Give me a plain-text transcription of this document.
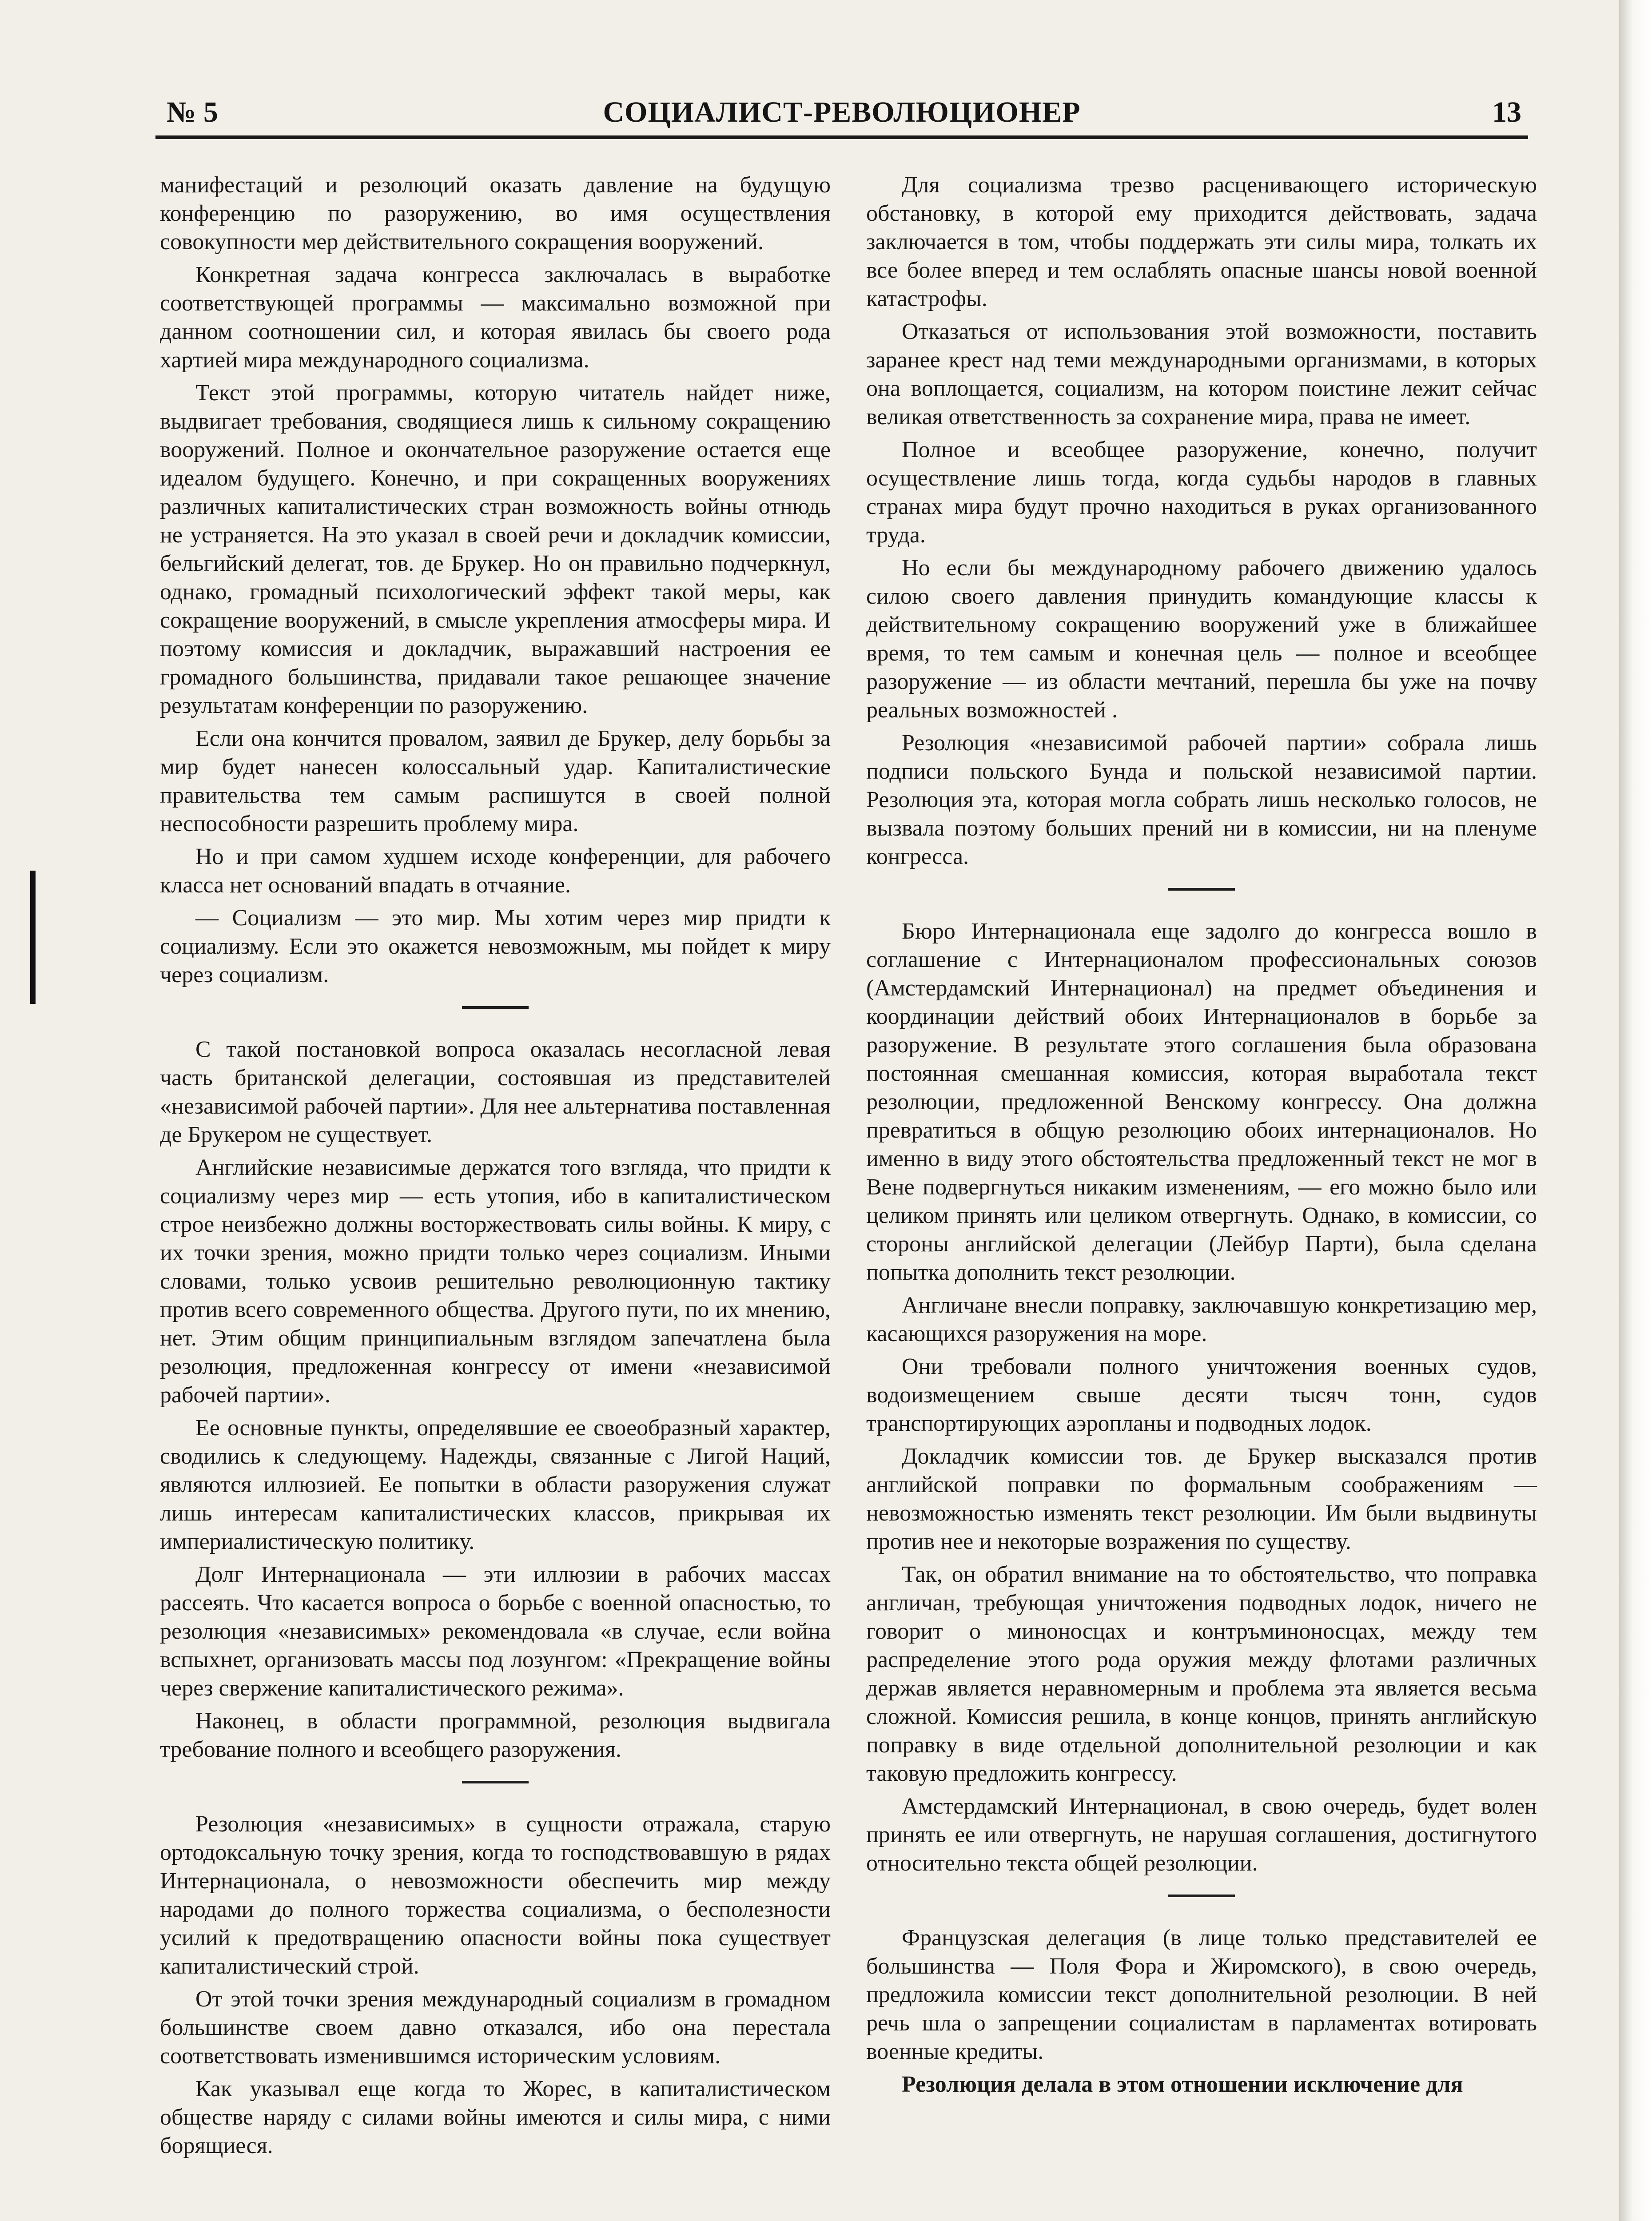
№ 5	СОЦИАЛИСТ-РЕВОЛЮЦИОНЕР	13

манифестаций и резолюций оказать давление на будущую конференцию по разоружению, во имя осуществления совокупности мер действительного сокращения вооружений.

Конкретная задача конгресса заключалась в выработке соответствующей программы — максимально возможной при данном соотношении сил, и которая явилась бы своего рода хартией мира международного социализма.

Текст этой программы, которую читатель найдет ниже, выдвигает требования, сводящиеся лишь к сильному сокращению вооружений. Полное и окончательное разоружение остается еще идеалом будущего. Конечно, и при сокращенных вооружениях различных капиталистических стран возможность войны отнюдь не устраняется. На это указал в своей речи и докладчик комиссии, бельгийский делегат, тов. де Брукер. Но он правильно подчеркнул, однако, громадный психологический эффект такой меры, как сокращение вооружений, в смысле укрепления атмосферы мира. И поэтому комиссия и докладчик, выражавший настроения ее громадного большинства, придавали такое решающее значение результатам конференции по разоружению.

Если она кончится провалом, заявил де Брукер, делу борьбы за мир будет нанесен колоссальный удар. Капиталистические правительства тем самым распишутся в своей полной неспособности разрешить проблему мира.

Но и при самом худшем исходе конференции, для рабочего класса нет оснований впадать в отчаяние.

— Социализм — это мир. Мы хотим через мир придти к социализму. Если это окажется невозможным, мы пойдет к миру через социализм.

С такой постановкой вопроса оказалась несогласной левая часть британской делегации, состоявшая из представителей «независимой рабочей партии». Для нее альтернатива поставленная де Брукером не существует.

Английские независимые держатся того взгляда, что придти к социализму через мир — есть утопия, ибо в капиталистическом строе неизбежно должны восторжествовать силы войны. К миру, с их точки зрения, можно придти только через социализм. Иными словами, только усвоив решительно революционную тактику против всего современного общества. Другого пути, по их мнению, нет. Этим общим принципиальным взглядом запечатлена была резолюция, предложенная конгрессу от имени «независимой рабочей партии».

Ее основные пункты, определявшие ее своеобразный характер, сводились к следующему. Надежды, связанные с Лигой Наций, являются иллюзией. Ее попытки в области разоружения служат лишь интересам капиталистических классов, прикрывая их империалистическую политику.

Долг Интернационала — эти иллюзии в рабочих массах рассеять. Что касается вопроса о борьбе с военной опасностью, то резолюция «независимых» рекомендовала «в случае, если война вспыхнет, организовать массы под лозунгом: «Прекращение войны через свержение капиталистического режима».

Наконец, в области программной, резолюция выдвигала требование полного и всеобщего разоружения.

Резолюция «независимых» в сущности отражала, старую ортодоксальную точку зрения, когда то господствовавшую в рядах Интернационала, о невозможности обеспечить мир между народами до полного торжества социализма, о бесполезности усилий к предотвращению опасности войны пока существует капиталистический строй.

От этой точки зрения международный социализм в громадном большинстве своем давно отказался, ибо она перестала соответствовать изменившимся историческим условиям.

Как указывал еще когда то Жорес, в капиталистическом обществе наряду с силами войны имеются и силы мира, с ними борящиеся.

Для социализма трезво расценивающего историческую обстановку, в которой ему приходится действовать, задача заключается в том, чтобы поддержать эти силы мира, толкать их все более вперед и тем ослаблять опасные шансы новой военной катастрофы.

Отказаться от использования этой возможности, поставить заранее крест над теми международными организмами, в которых она воплощается, социализм, на котором поистине лежит сейчас великая ответственность за сохранение мира, права не имеет.

Полное и всеобщее разоружение, конечно, получит осуществление лишь тогда, когда судьбы народов в главных странах мира будут прочно находиться в руках организованного труда.

Но если бы международному рабочего движению удалось силою своего давления принудить командующие классы к действительному сокращению вооружений уже в ближайшее время, то тем самым и конечная цель — полное и всеобщее разоружение — из области мечтаний, перешла бы уже на почву реальных возможностей .

Резолюция «независимой рабочей партии» собрала лишь подписи польского Бунда и польской независимой партии. Резолюция эта, которая могла собрать лишь несколько голосов, не вызвала поэтому больших прений ни в комиссии, ни на пленуме конгресса.

Бюро Интернационала еще задолго до конгресса вошло в соглашение с Интернационалом профессиональных союзов (Амстердамский Интернационал) на предмет объединения и координации действий обоих Интернационалов в борьбе за разоружение. В результате этого соглашения была образована постоянная смешанная комиссия, которая выработала текст резолюции, предложенной Венскому конгрессу. Она должна превратиться в общую резолюцию обоих интернационалов. Но именно в виду этого обстоятельства предложенный текст не мог в Вене подвергнуться никаким изменениям, — его можно было или целиком принять или целиком отвергнуть. Однако, в комиссии, со стороны английской делегации (Лейбур Парти), была сделана попытка дополнить текст резолюции.

Англичане внесли поправку, заключавшую конкретизацию мер, касающихся разоружения на море.

Они требовали полного уничтожения военных судов, водоизмещением свыше десяти тысяч тонн, судов транспортирующих аэропланы и подводных лодок.

Докладчик комиссии тов. де Брукер высказался против английской поправки по формальным соображениям — невозможностью изменять текст резолюции. Им были выдвинуты против нее и некоторые возражения по существу.

Так, он обратил внимание на то обстоятельство, что поправка англичан, требующая уничтожения подводных лодок, ничего не говорит о миноносцах и контръминоносцах, между тем распределение этого рода оружия между флотами различных держав является неравномерным и проблема эта является весьма сложной. Комиссия решила, в конце концов, принять английскую поправку в виде отдельной дополнительной резолюции и как таковую предложить конгрессу.

Амстердамский Интернационал, в свою очередь, будет волен принять ее или отвергнуть, не нарушая соглашения, достигнутого относительно текста общей резолюции.

Французская делегация (в лице только представителей ее большинства — Поля Фора и Жиромского), в свою очередь, предложила комиссии текст дополнительной резолюции. В ней речь шла о запрещении социалистам в парламентах вотировать военные кредиты.

Резолюция делала в этом отношении исключение для
